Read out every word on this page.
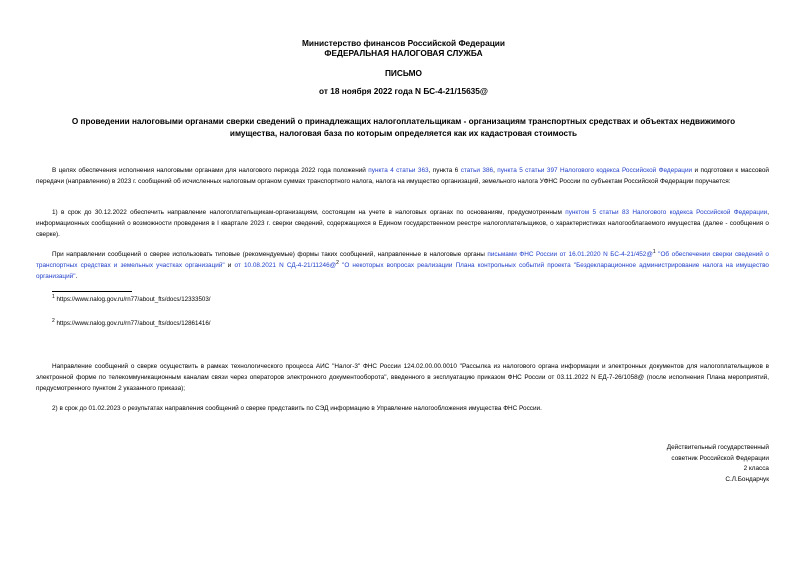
Министерство финансов Российской Федерации
ФЕДЕРАЛЬНАЯ НАЛОГОВАЯ СЛУЖБА
ПИСЬМО
от 18 ноября 2022 года N БС-4-21/15635@
О проведении налоговыми органами сверки сведений о принадлежащих налогоплательщикам - организациям транспортных средствах и объектах недвижимого
имущества, налоговая база по которым определяется как их кадастровая стоимость
В целях обеспечения исполнения налоговыми органами для налогового периода 2022 года положений пункта 4 статьи 363, пункта 6 статьи 386, пункта 5 статьи 397 Налогового кодекса Российской Федерации и подготовки к массовой передачи (направлению) в 2023 г. сообщений об исчисленных налоговым органом суммах транспортного налога, налога на имущество организаций, земельного налога УФНС России по субъектам Российской Федерации поручается:
1) в срок до 30.12.2022 обеспечить направление налогоплательщикам-организациям, состоящим на учете в налоговых органах по основаниям, предусмотренным пунктом 5 статьи 83 Налогового кодекса Российской Федерации, информационных сообщений о возможности проведения в I квартале 2023 г. сверки сведений, содержащихся в Едином государственном реестре налогоплательщиков, о характеристиках налогооблагаемого имущества (далее - сообщения о сверке).
При направлении сообщений о сверке использовать типовые (рекомендуемые) формы таких сообщений, направленные в налоговые органы письмами ФНС России от 16.01.2020 N БС-4-21/452@$^1$ "Об обеспечении сверки сведений о транспортных средствах и земельных участках организаций" и от 10.08.2021 N СД-4-21/11246@$^2$ "О некоторых вопросах реализации Плана контрольных событий проекта "Бездекларационное администрирование налога на имущество организаций".
$^1$ https://www.nalog.gov.ru/rn77/about_fts/docs/12333503/
$^2$ https://www.nalog.gov.ru/rn77/about_fts/docs/12861416/
Направление сообщений о сверке осуществить в рамках технологического процесса АИС "Налог-3" ФНС России 124.02.00.00.0010 "Рассылка из налогового органа информации и электронных документов для налогоплательщиков в электронной форме по телекоммуникационным каналам связи через операторов электронного документооборота", введенного в эксплуатацию приказом ФНС России от 03.11.2022 N ЕД-7-26/1058@ (после исполнения Плана мероприятий, предусмотренного пунктом 2 указанного приказа);
2) в срок до 01.02.2023 о результатах направления сообщений о сверке представить по СЭД информацию в Управление налогообложения имущества ФНС России.
Действительный государственный
советник Российской Федерации
2 класса
С.Л.Бондарчук
